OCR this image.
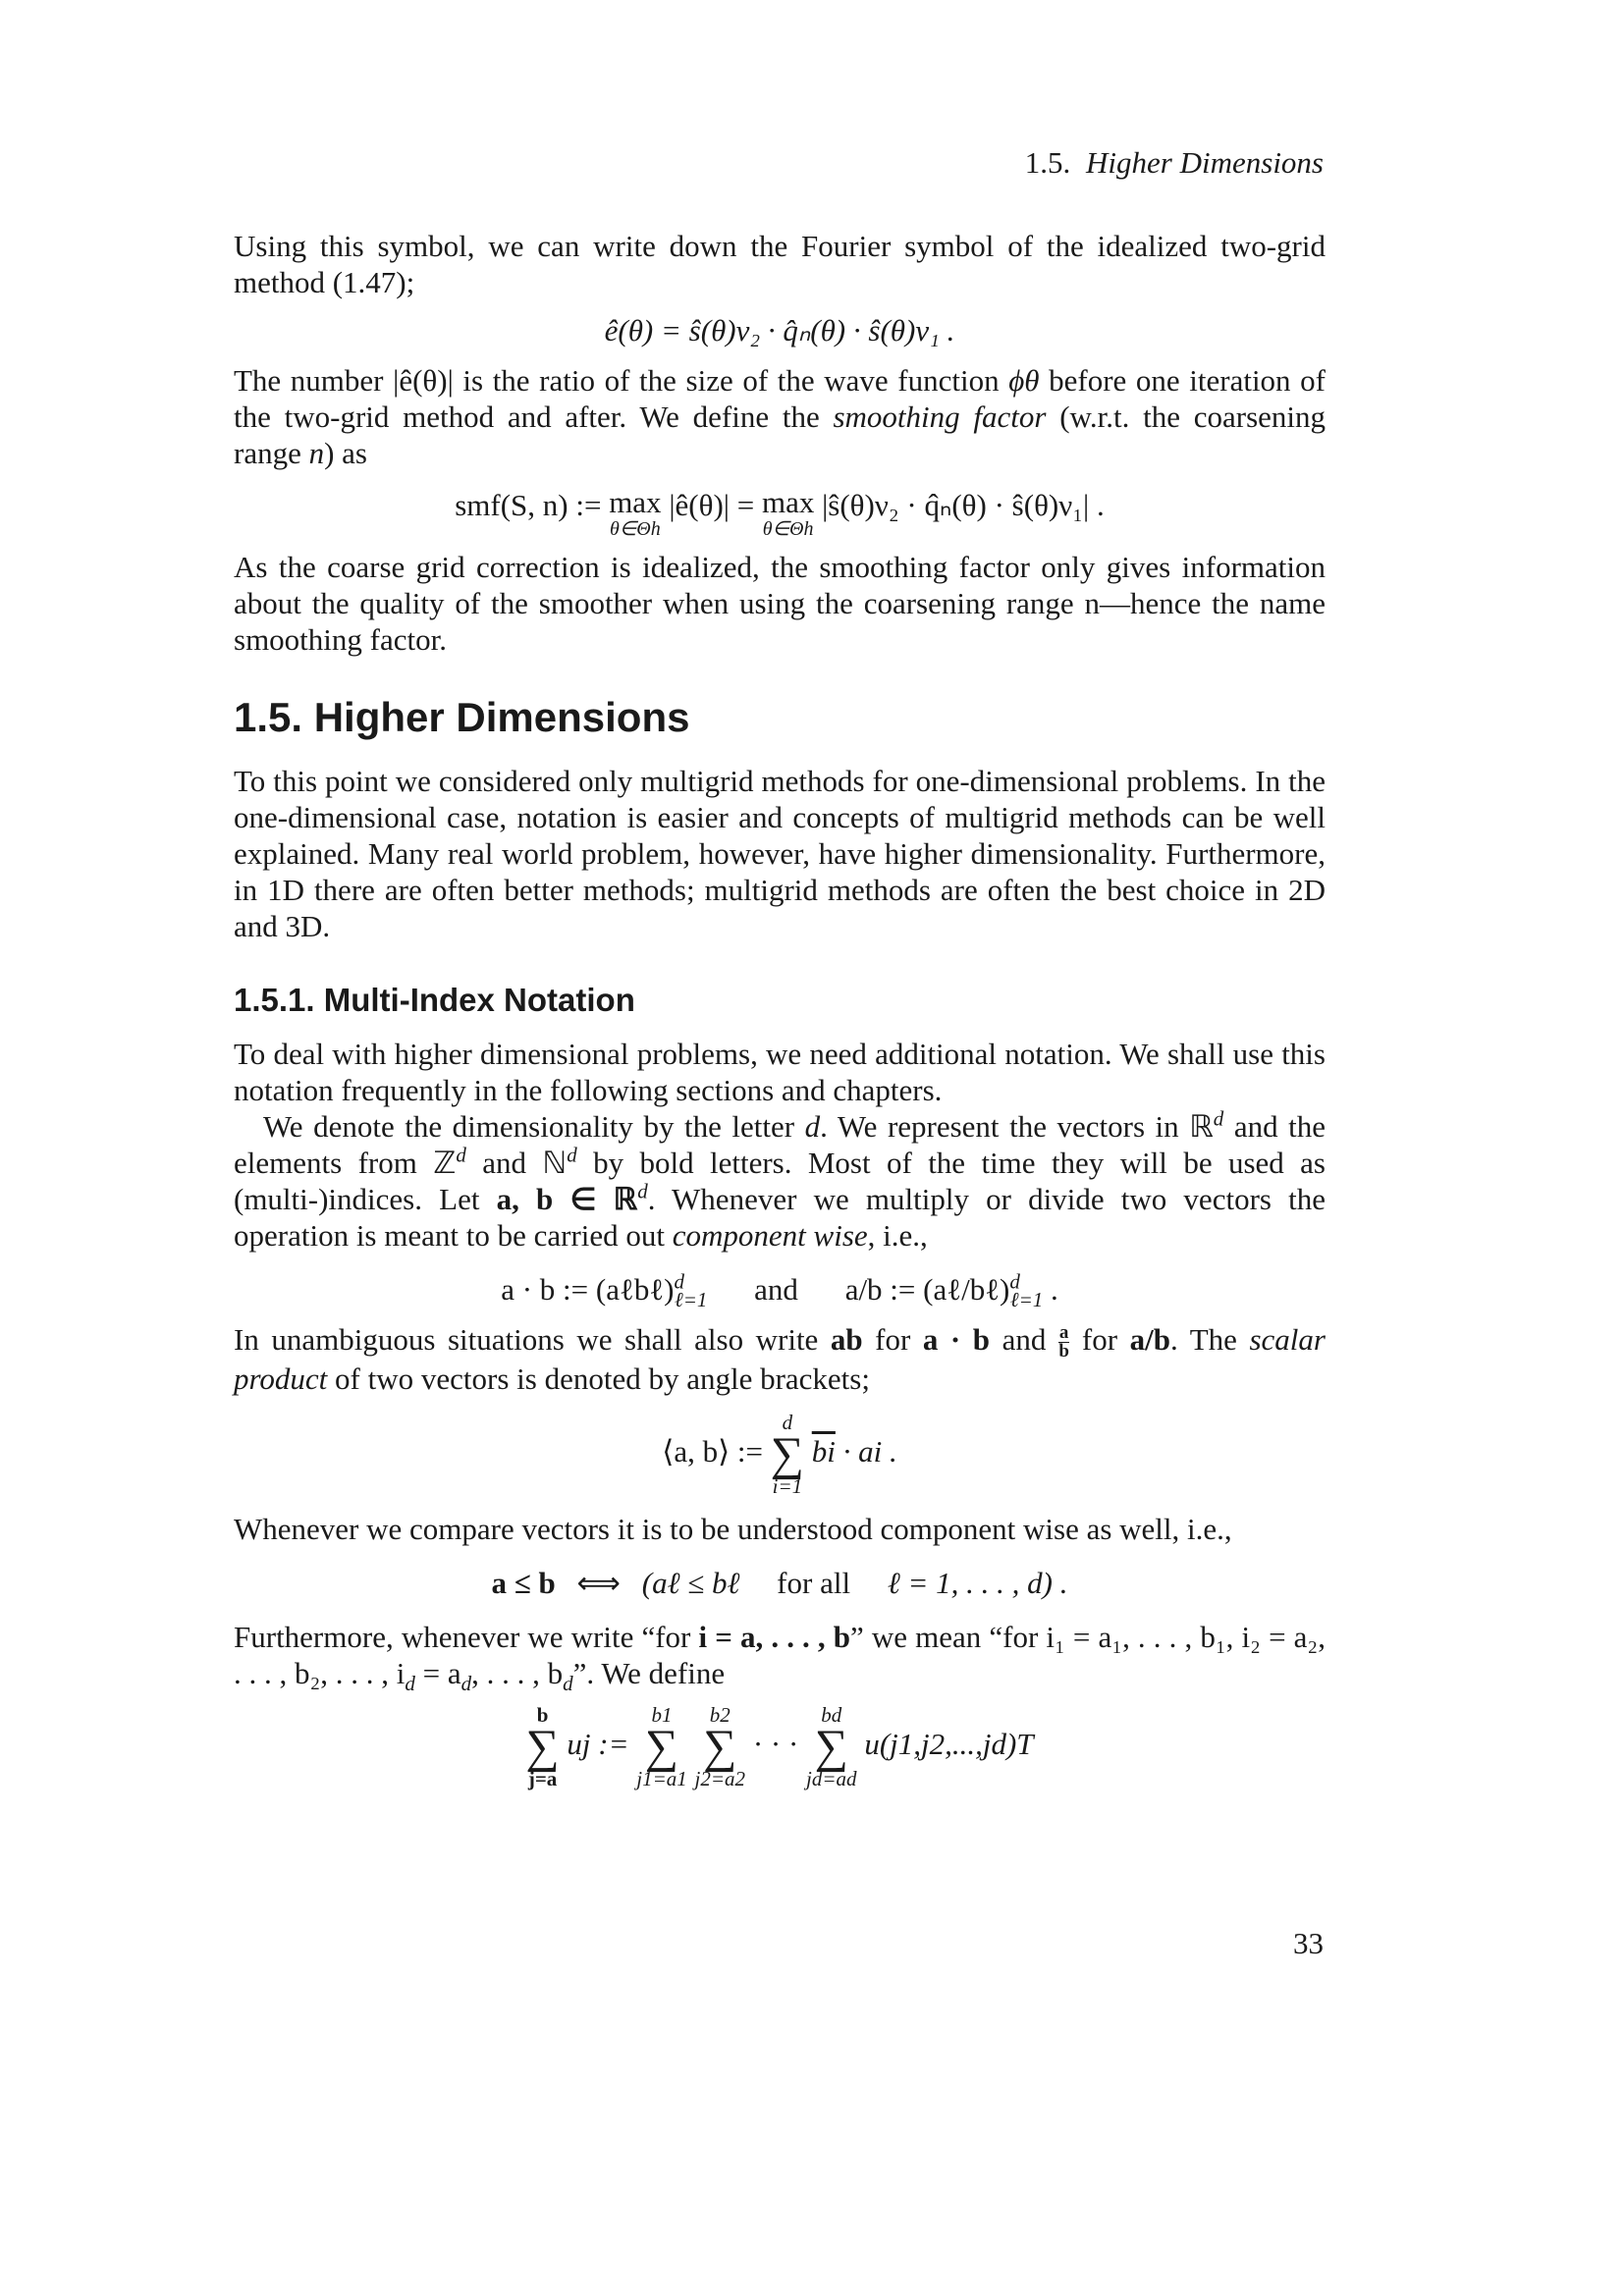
1.5. Higher Dimensions

Using this symbol, we can write down the Fourier symbol of the idealized two-grid method (1.47);

ê(θ) = ŝ(θ)ν₂ · q̂ₙ(θ) · ŝ(θ)ν₁ .

The number |ê(θ)| is the ratio of the size of the wave function ϕθ before one iteration of the two-grid method and after. We define the smoothing factor (w.r.t. the coarsening range n) as

smf(S, n) := max
θ∈Θh
|ê(θ)| = max
θ∈Θh
|ŝ(θ)ν₂ · q̂ₙ(θ) · ŝ(θ)ν₁| .

As the coarse grid correction is idealized, the smoothing factor only gives information about the quality of the smoother when using the coarsening range n—hence the name smoothing factor.

1.5. Higher Dimensions

To this point we considered only multigrid methods for one-dimensional problems. In the one-dimensional case, notation is easier and concepts of multigrid methods can be well explained. Many real world problem, however, have higher dimensionality. Furthermore, in 1D there are often better methods; multigrid methods are often the best choice in 2D and 3D.

1.5.1. Multi-Index Notation

To deal with higher dimensional problems, we need additional notation. We shall use this notation frequently in the following sections and chapters.

We denote the dimensionality by the letter d. We represent the vectors in ℝ$^d$ and the elements from ℤ$^d$ and ℕ$^d$ by bold letters. Most of the time they will be used as (multi-)indices. Let a, b ∈ ℝ$^d$. Whenever we multiply or divide two vectors the operation is meant to be carried out component wise, i.e.,

a · b := (aℓbℓ)$^d_{\ell=1}$ and a/b := (aℓ/bℓ)$^d_{\ell=1}$ .

In unambiguous situations we shall also write ab for a · b and $\frac{a}{b}$ for a/b. The scalar product of two vectors is denoted by angle brackets;

⟨a, b⟩ :=
d
∑
i=1
$\overline{bi}$ · ai .

Whenever we compare vectors it is to be understood component wise as well, i.e.,

a ≤ b ⟺ (aℓ ≤ bℓ for all ℓ = 1, . . . , d) .

Furthermore, whenever we write “for i = a, . . . , b” we mean “for i₁ = a₁, . . . , b₁, i₂ = a₂, . . . , b₂, . . . , $i_d = a_d$, . . . , $b_d$”. We define

b
∑
j=a
uj :=
b1
∑
j1=a1

b2
∑
j2=a2
· · ·
bd
∑
jd=ad
u(j1,j2,...,jd)T
33
